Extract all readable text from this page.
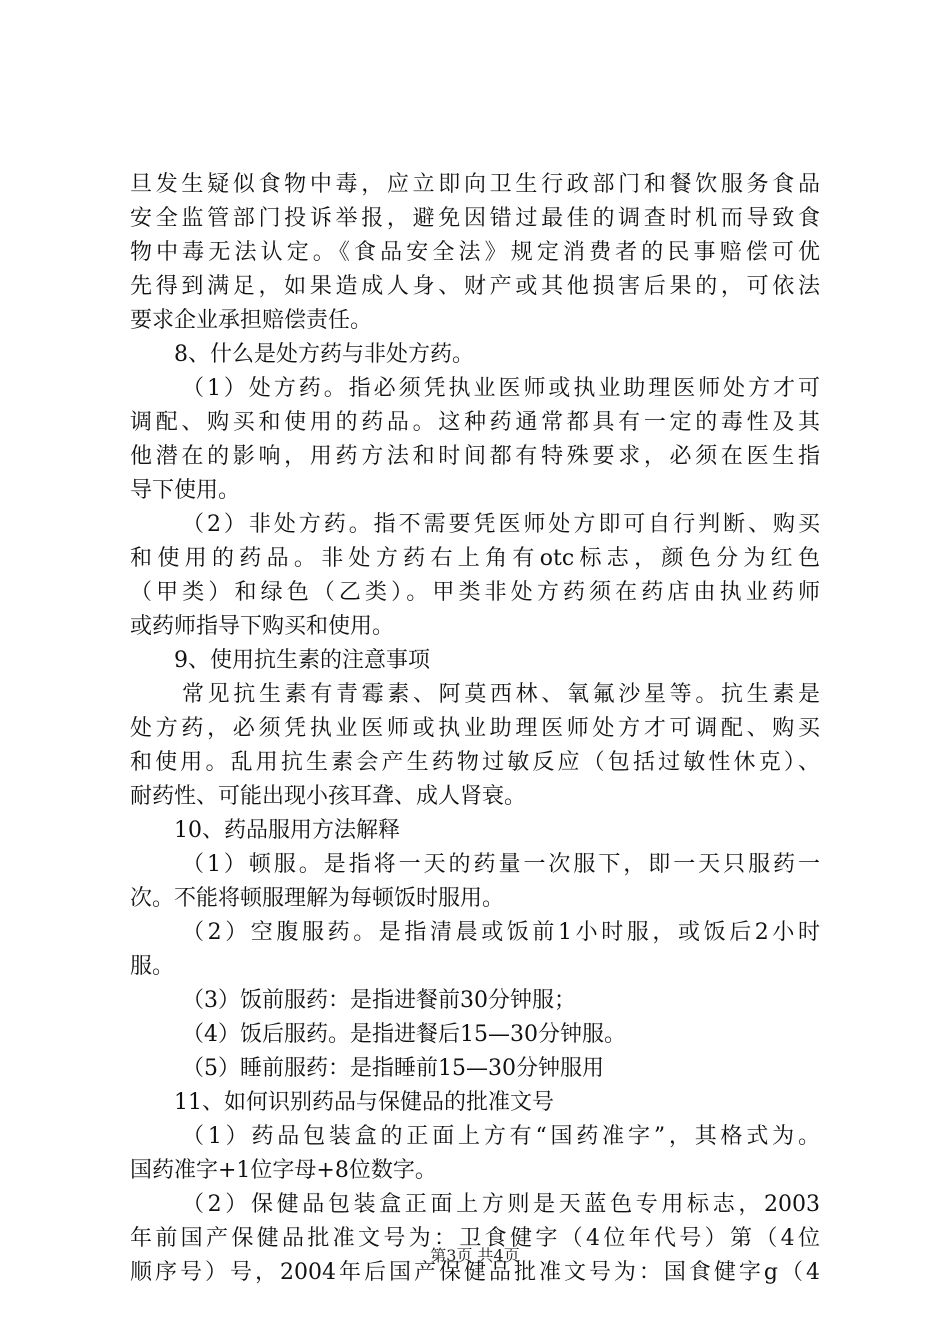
旦发生疑似食物中毒，应立即向卫生行政部门和餐饮服务食品
安全监管部门投诉举报，避免因错过最佳的调查时机而导致食
物中毒无法认定。《食品安全法》规定消费者的民事赔偿可优
先得到满足，如果造成人身、财产或其他损害后果的，可依法
要求企业承担赔偿责任。
8、什么是处方药与非处方药。
（1）处方药。指必须凭执业医师或执业助理医师处方才可
调配、购买和使用的药品。这种药通常都具有一定的毒性及其
他潜在的影响，用药方法和时间都有特殊要求，必须在医生指
导下使用。
（2）非处方药。指不需要凭医师处方即可自行判断、购买
和使用的药品。非处方药右上角有otc标志，颜色分为红色
（甲类）和绿色（乙类）。甲类非处方药须在药店由执业药师
或药师指导下购买和使用。
9、使用抗生素的注意事项
常见抗生素有青霉素、阿莫西林、氧氟沙星等。抗生素是
处方药，必须凭执业医师或执业助理医师处方才可调配、购买
和使用。乱用抗生素会产生药物过敏反应（包括过敏性休克）、
耐药性、可能出现小孩耳聋、成人肾衰。
10、药品服用方法解释
（1）顿服。是指将一天的药量一次服下，即一天只服药一
次。不能将顿服理解为每顿饭时服用。
（2）空腹服药。是指清晨或饭前1小时服，或饭后2小时
服。
（3）饭前服药：是指进餐前30分钟服；
（4）饭后服药。是指进餐后15—30分钟服。
（5）睡前服药：是指睡前15—30分钟服用
11、如何识别药品与保健品的批准文号
（1）药品包装盒的正面上方有“国药准字”，其格式为。
国药准字+1位字母+8位数字。
（2）保健品包装盒正面上方则是天蓝色专用标志，2003
年前国产保健品批准文号为：卫食健字（4位年代号）第（4位
顺序号）号，2004年后国产保健品批准文号为：国食健字g（4
第3页 共4页
